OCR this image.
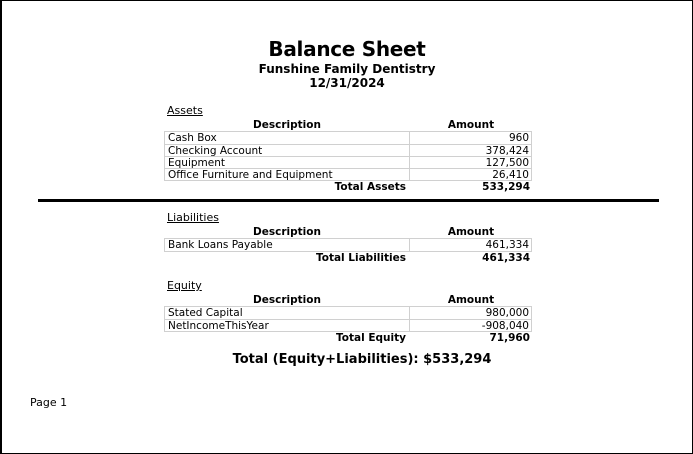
Balance Sheet
Funshine Family Dentistry
12/31/2024
Assets
Description	Amount
Cash Box	960
Checking Account	378,424
Equipment	127,500
Office Furniture and Equipment	26,410
Total Assets	533,294
Liabilities
Description	Amount
Bank Loans Payable	461,334
Total Liabilities	461,334
Equity
Description	Amount
Stated Capital	980,000
NetIncomeThisYear	-908,040
Total Equity	71,960
Total (Equity+Liabilities): $533,294
Page 1
